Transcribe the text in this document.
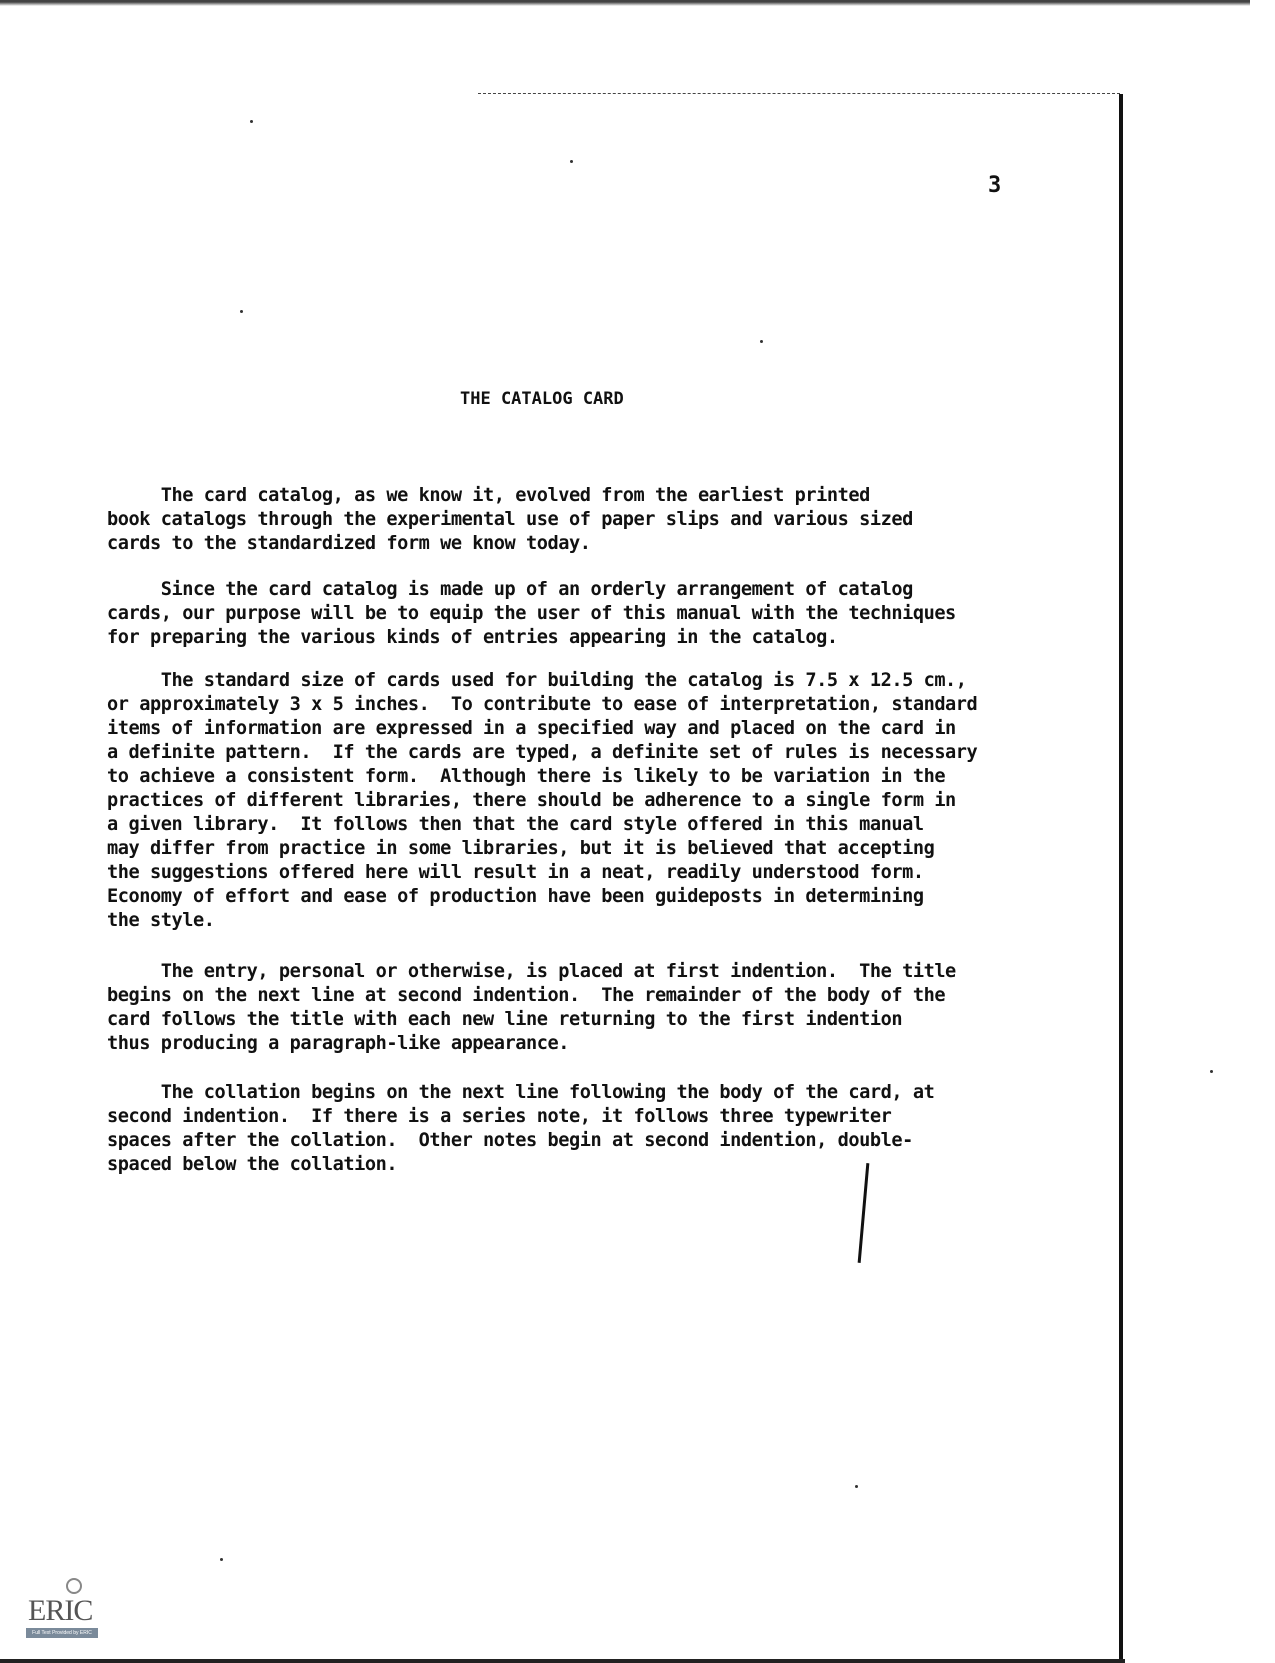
3
THE CATALOG CARD
The card catalog, as we know it, evolved from the earliest printed
book catalogs through the experimental use of paper slips and various sized
cards to the standardized form we know today.
Since the card catalog is made up of an orderly arrangement of catalog
cards, our purpose will be to equip the user of this manual with the techniques
for preparing the various kinds of entries appearing in the catalog.
The standard size of cards used for building the catalog is 7.5 x 12.5 cm.,
or approximately 3 x 5 inches.  To contribute to ease of interpretation, standard
items of information are expressed in a specified way and placed on the card in
a definite pattern.  If the cards are typed, a definite set of rules is necessary
to achieve a consistent form.  Although there is likely to be variation in the
practices of different libraries, there should be adherence to a single form in
a given library.  It follows then that the card style offered in this manual
may differ from practice in some libraries, but it is believed that accepting
the suggestions offered here will result in a neat, readily understood form.
Economy of effort and ease of production have been guideposts in determining
the style.
The entry, personal or otherwise, is placed at first indention.  The title
begins on the next line at second indention.  The remainder of the body of the
card follows the title with each new line returning to the first indention
thus producing a paragraph-like appearance.
The collation begins on the next line following the body of the card, at
second indention.  If there is a series note, it follows three typewriter
spaces after the collation.  Other notes begin at second indention, double-
spaced below the collation.
ERIC
Full Text Provided by ERIC
